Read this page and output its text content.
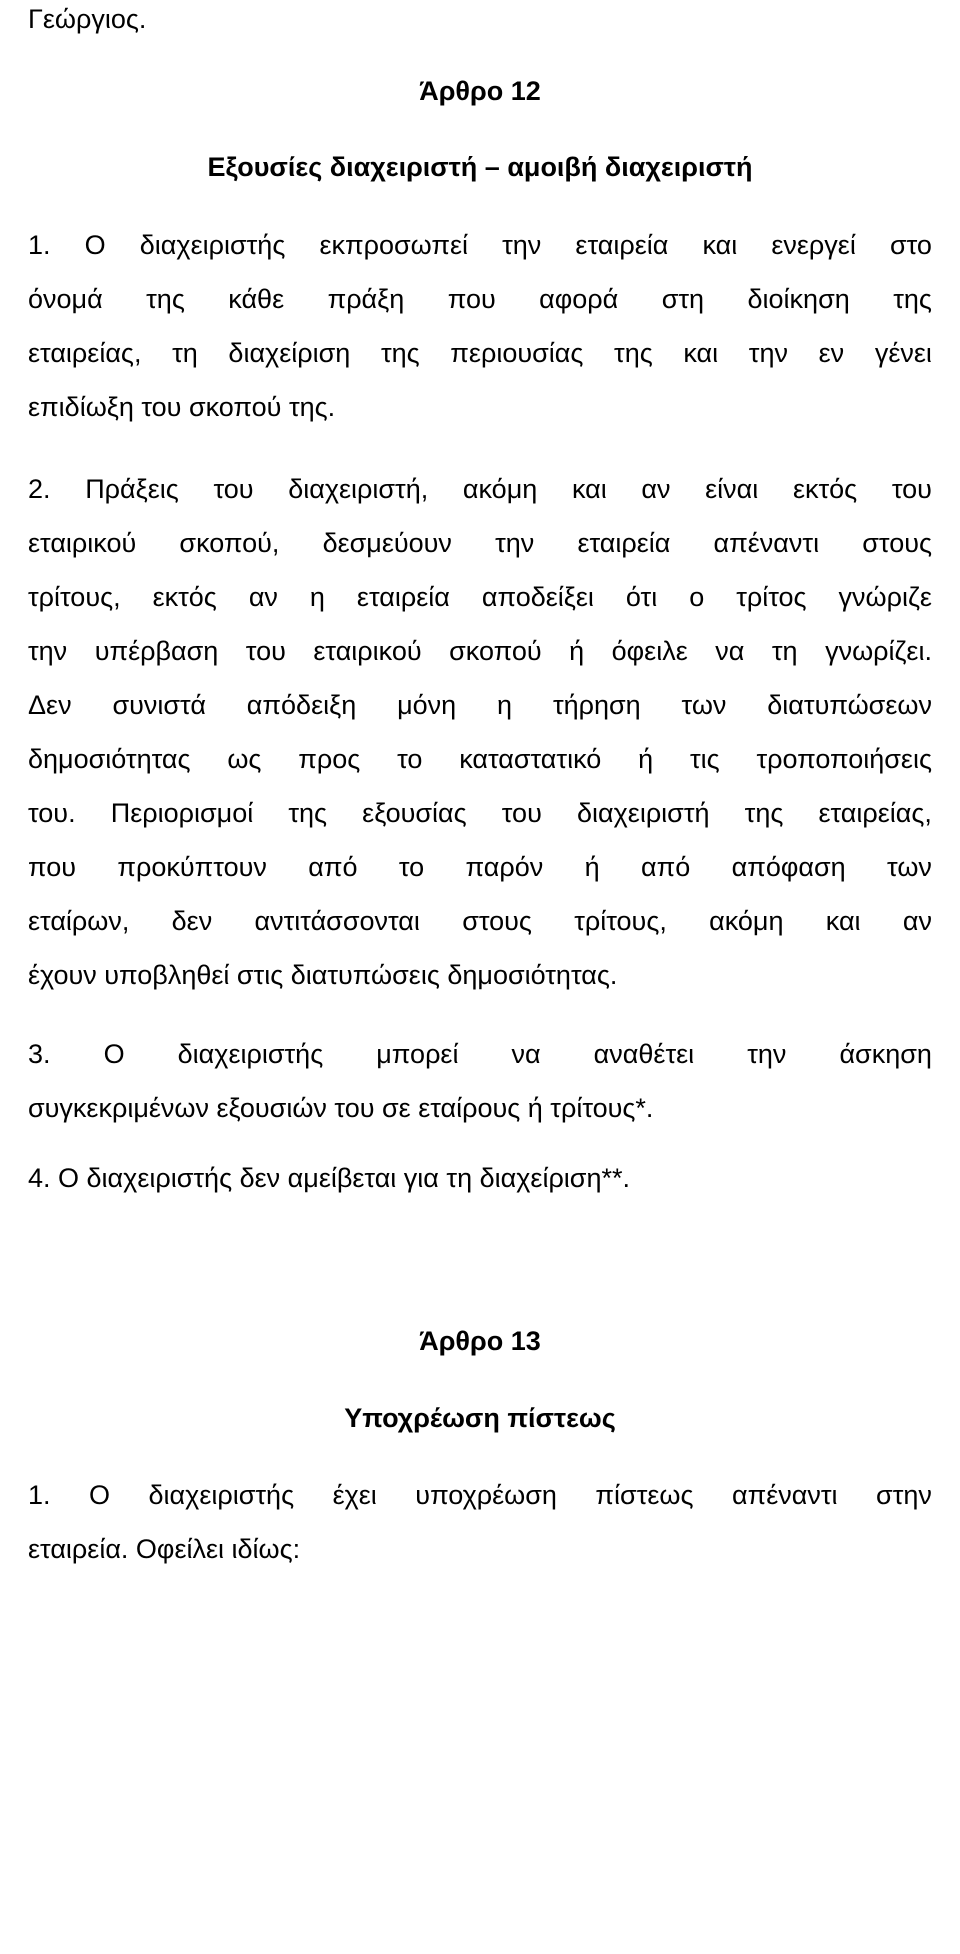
Γεώργιος.
Άρθρο 12
Εξουσίες διαχειριστή – αμοιβή διαχειριστή
1. Ο διαχειριστής εκπροσωπεί την εταιρεία και ενεργεί στο
όνομά της κάθε πράξη που αφορά στη διοίκηση της
εταιρείας, τη διαχείριση της περιουσίας της και την εν γένει
επιδίωξη του σκοπού της.
2. Πράξεις του διαχειριστή, ακόμη και αν είναι εκτός του
εταιρικού σκοπού, δεσμεύουν την εταιρεία απέναντι στους
τρίτους, εκτός αν η εταιρεία αποδείξει ότι ο τρίτος γνώριζε
την υπέρβαση του εταιρικού σκοπού ή όφειλε να τη γνωρίζει.
Δεν συνιστά απόδειξη μόνη η τήρηση των διατυπώσεων
δημοσιότητας ως προς το καταστατικό ή τις τροποποιήσεις
του. Περιορισμοί της εξουσίας του διαχειριστή της εταιρείας,
που προκύπτουν από το παρόν ή από απόφαση των
εταίρων, δεν αντιτάσσονται στους τρίτους, ακόμη και αν
έχουν υποβληθεί στις διατυπώσεις δημοσιότητας.
3. Ο διαχειριστής μπορεί να αναθέτει την άσκηση
συγκεκριμένων εξουσιών του σε εταίρους ή τρίτους*.
4. Ο διαχειριστής δεν αμείβεται για τη διαχείριση**.
Άρθρο 13
Υποχρέωση πίστεως
1. Ο διαχειριστής έχει υποχρέωση πίστεως απέναντι στην
εταιρεία. Οφείλει ιδίως:
